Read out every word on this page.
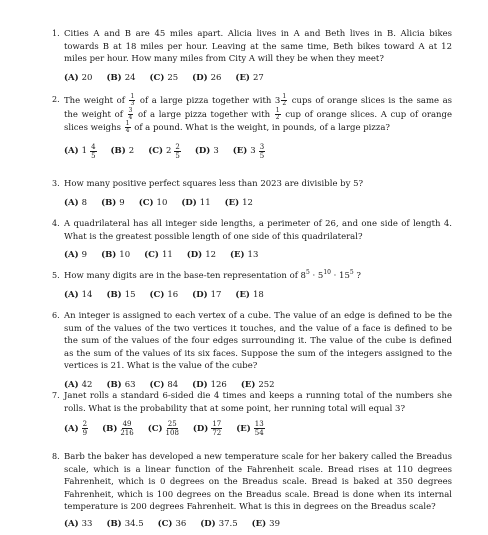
1. Cities A and B are 45 miles apart. Alicia lives in A and Beth lives in B. Alicia bikes towards B at 18 miles per hour. Leaving at the same time, Beth bikes toward A at 12 miles per hour. How many miles from City A will they be when they meet?

(A) 20 (B) 24 (C) 25 (D) 26 (E) 27
2. The weight of $\frac{1}{3}$ of a large pizza together with $3 \frac{1}{2}$ cups of orange slices is the same as the weight of $\frac{3}{4}$ of a large pizza together with $\frac{1}{2}$ cup of orange slices. A cup of orange slices weighs $\frac{1}{4}$ of a pound. What is the weight, in pounds, of a large pizza?

(A) $1 \frac{4}{5} (B)$ 2 (C) $2 \frac{2}{5} (D)$ 3 (E) $3 \frac{3}{5}$
3. How many positive perfect squares less than 2023 are divisible by 5?

(A) 8 (B) 9 (C) 10 (D) 11 (E) 12
4. A quadrilateral has all integer side lengths, a perimeter of 26, and one side of length 4. What is the greatest possible length of one side of this quadrilateral?

(A) 9 (B) 10 (C) 11 (D) 12 (E) 13
5. How many digits are in the base-ten representation of $8^5 \cdot 5^{10} \cdot 15^5$ ?

(A) 14 (B) 15 (C) 16 (D) 17 (E) 18
6. An integer is assigned to each vertex of a cube. The value of an edge is defined to be the sum of the values of the two vertices it touches, and the value of a face is defined to be the sum of the values of the four edges surrounding it. The value of the cube is defined as the sum of the values of its six faces. Suppose the sum of the integers assigned to the vertices is 21. What is the value of the cube?

(A) 42 (B) 63 (C) 84 (D) 126 (E) 252
7. Janet rolls a standard 6-sided die 4 times and keeps a running total of the numbers she rolls. What is the probability that at some point, her running total will equal 3?

$(A) \frac{2}{9} (B) \frac{49}{216} (C) \frac{25}{108} (D) \frac{17}{72} (E) \frac{13}{54}$
8. Barb the baker has developed a new temperature scale for her bakery called the Breadus scale, which is a linear function of the Fahrenheit scale. Bread rises at 110 degrees Fahrenheit, which is 0 degrees on the Breadus scale. Bread is baked at 350 degrees Fahrenheit, which is 100 degrees on the Breadus scale. Bread is done when its internal temperature is 200 degrees Fahrenheit. What is this in degrees on the Breadus scale?

(A) 33 (B) 34.5 (C) 36 (D) 37.5 (E) 39
